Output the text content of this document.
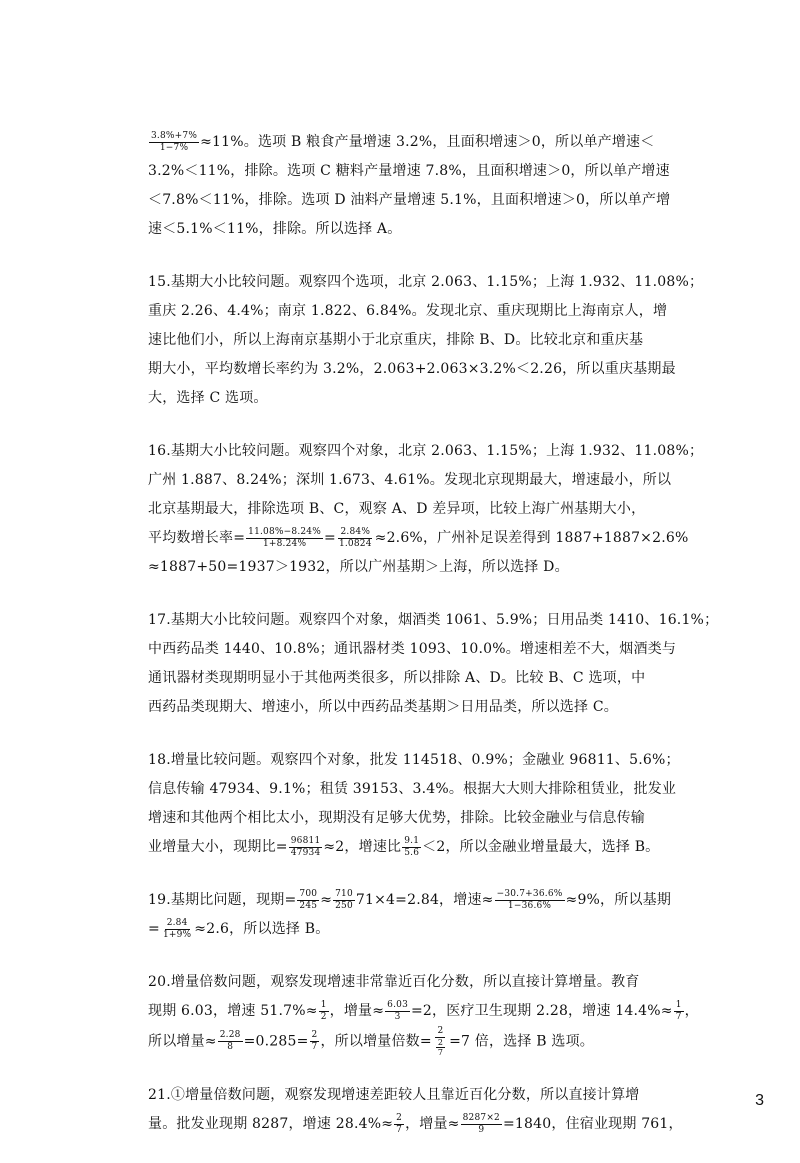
$\frac{3.8\%+7\%}{1-7\%} \approx 11\%$。选项 B 粮食产量增速 3.2%，且面积增速＞0，所以单产增速＜
3.2%＜11%，排除。选项 C 糖料产量增速 7.8%，且面积增速＞0，所以单产增速
＜7.8%＜11%，排除。选项 D 油料产量增速 5.1%，且面积增速＞0，所以单产增
速＜5.1%＜11%，排除。所以选择 A。
15.基期大小比较问题。观察四个选项，北京 2.063、1.15%；上海 1.932、11.08%；
重庆 2.26、4.4%；南京 1.822、6.84%。发现北京、重庆现期比上海南京人，增
速比他们小，所以上海南京基期小于北京重庆，排除 B、D。比较北京和重庆基
期大小，平均数增长率约为 3.2%，2.063+2.063×3.2%＜2.26，所以重庆基期最
大，选择 C 选项。
16.基期大小比较问题。观察四个对象，北京 2.063、1.15%；上海 1.932、11.08%；
广州 1.887、8.24%；深圳 1.673、4.61%。发现北京现期最大，增速最小，所以
北京基期最大，排除选项 B、C，观察 A、D 差异项，比较上海广州基期大小，
平均数增长率= $\frac{11.08\%-8.24\%}{1+8.24\%} = \frac{2.84\%}{1.0824} \approx 2.6\%$，广州补足误差得到 1887+1887×2.6%
≈1887+50=1937＞1932，所以广州基期＞上海，所以选择 D。
17.基期大小比较问题。观察四个对象，烟酒类 1061、5.9%；日用品类 1410、16.1%；
中西药品类 1440、10.8%；通讯器材类 1093、10.0%。增速相差不大，烟酒类与
通讯器材类现期明显小于其他两类很多，所以排除 A、D。比较 B、C 选项，中
西药品类现期大、增速小，所以中西药品类基期＞日用品类，所以选择 C。
18.增量比较问题。观察四个对象，批发 114518、0.9%；金融业 96811、5.6%；
信息传输 47934、9.1%；租赁 39153、3.4%。根据大大则大排除租赁业，批发业
增速和其他两个相比太小，现期没有足够大优势，排除。比较金融业与信息传输
业增量大小，现期比= $\frac{96811}{47934} \approx 2$，增速比 $\frac{9.1}{5.6} <2$，所以金融业增量最大，选择 B。
19.基期比问题，现期= $\frac{700}{245} \approx \frac{710}{250} 71\times 4=2.84$，增速≈ $\frac{-30.7+36.6\%}{1-36.6\%} \approx 9\%$，所以基期
= $\frac{2.84}{1+9\%} \approx 2.6$，所以选择 B。
20.增量倍数问题，观察发现增速非常靠近百化分数，所以直接计算增量。教育
现期 6.03，增速 $51.7\%\approx \frac{1}{2}$ ，增量≈ $\frac{6.03}{3} =2$，医疗卫生现期 2.28，增速 $14.4\%\approx \frac{1}{7}$ ，
所以增量≈ $\frac{2.28}{8} =0.285= \frac{2}{7}$ ，所以增量倍数= $\frac{2}{\frac{2}{7}} =7$ 倍，选择 B 选项。
21.①增量倍数问题，观察发现增速差距较人且靠近百化分数，所以直接计算增
量。批发业现期 8287，增速 $28.4\%\approx \frac{2}{7}$ ，增量≈ $\frac{8287\times 2}{9} =1840$，住宿业现期 761，
3
